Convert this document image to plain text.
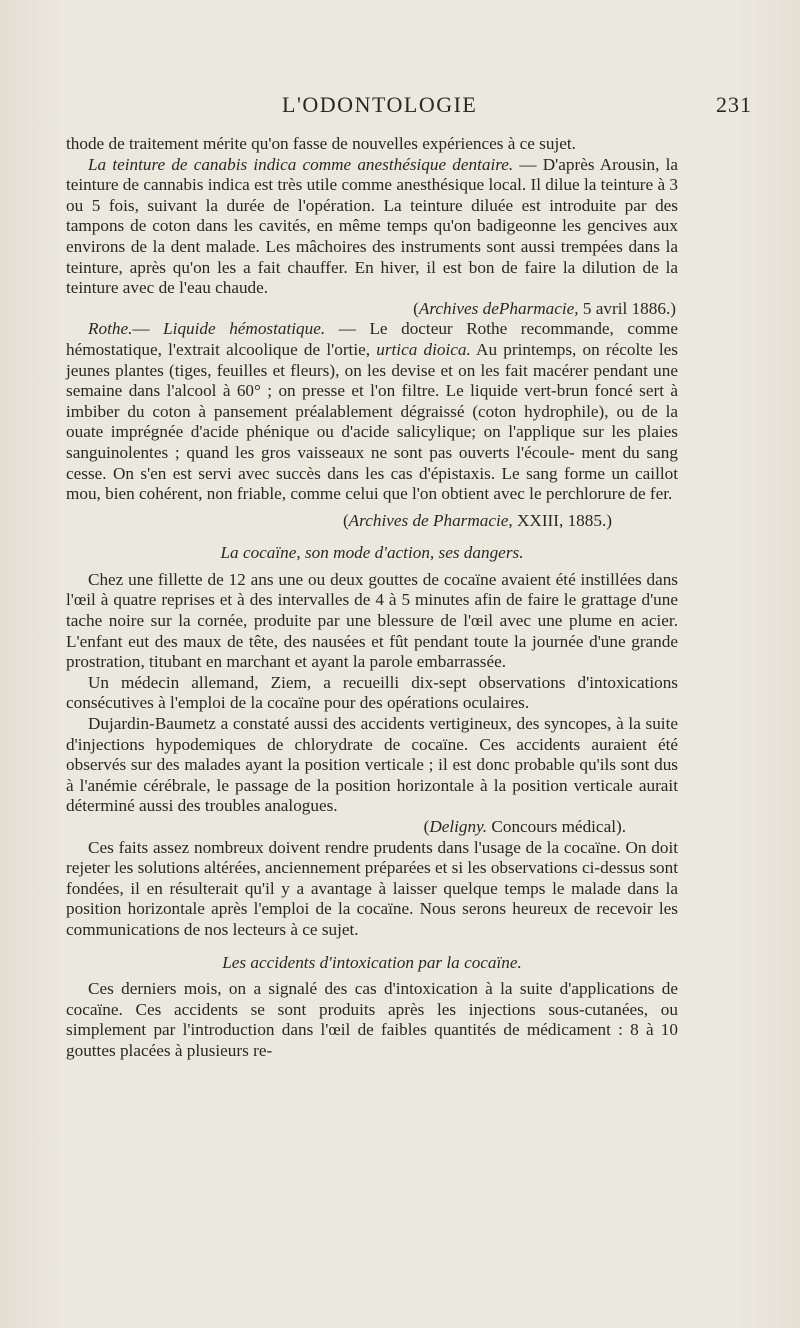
L'ODONTOLOGIE	231

thode de traitement mérite qu'on fasse de nouvelles expériences à ce sujet.

La teinture de canabis indica comme anesthésique dentaire. — D'après Arousin, la teinture de cannabis indica est très utile comme anesthésique local. Il dilue la teinture à 3 ou 5 fois, suivant la durée de l'opération. La teinture diluée est introduite par des tampons de coton dans les cavités, en même temps qu'on badigeonne les gencives aux environs de la dent malade. Les mâchoires des instruments sont aussi trempées dans la teinture, après qu'on les a fait chauffer. En hiver, il est bon de faire la dilution de la teinture avec de l'eau chaude.

(Archives dePharmacie, 5 avril 1886.)

Rothe.— Liquide hémostatique. — Le docteur Rothe recommande, comme hémostatique, l'extrait alcoolique de l'ortie, urtica dioica. Au printemps, on récolte les jeunes plantes (tiges, feuilles et fleurs), on les devise et on les fait macérer pendant une semaine dans l'alcool à 60° ; on presse et l'on filtre. Le liquide vert-brun foncé sert à imbiber du coton à pansement préalablement dégraissé (coton hydrophile), ou de la ouate imprégnée d'acide phénique ou d'acide salicylique; on l'applique sur les plaies sanguinolentes ; quand les gros vaisseaux ne sont pas ouverts l'écoule- ment du sang cesse. On s'en est servi avec succès dans les cas d'épistaxis. Le sang forme un caillot mou, bien cohérent, non friable, comme celui que l'on obtient avec le perchlorure de fer.

(Archives de Pharmacie, XXIII, 1885.)

La cocaïne, son mode d'action, ses dangers.

Chez une fillette de 12 ans une ou deux gouttes de cocaïne avaient été instillées dans l'œil à quatre reprises et à des intervalles de 4 à 5 minutes afin de faire le grattage d'une tache noire sur la cornée, produite par une blessure de l'œil avec une plume en acier. L'enfant eut des maux de tête, des nausées et fût pendant toute la journée d'une grande prostration, titubant en marchant et ayant la parole embarrassée.

Un médecin allemand, Ziem, a recueilli dix-sept observations d'intoxications consécutives à l'emploi de la cocaïne pour des opérations oculaires.

Dujardin-Baumetz a constaté aussi des accidents vertigineux, des syncopes, à la suite d'injections hypodemiques de chlorydrate de cocaïne. Ces accidents auraient été observés sur des malades ayant la position verticale ; il est donc probable qu'ils sont dus à l'anémie cérébrale, le passage de la position horizontale à la position verticale aurait déterminé aussi des troubles analogues.

(Deligny. Concours médical).

Ces faits assez nombreux doivent rendre prudents dans l'usage de la cocaïne. On doit rejeter les solutions altérées, anciennement préparées et si les observations ci-dessus sont fondées, il en résulterait qu'il y a avantage à laisser quelque temps le malade dans la position horizontale après l'emploi de la cocaïne. Nous serons heureux de recevoir les communications de nos lecteurs à ce sujet.

Les accidents d'intoxication par la cocaïne.

Ces derniers mois, on a signalé des cas d'intoxication à la suite d'applications de cocaïne. Ces accidents se sont produits après les injections sous-cutanées, ou simplement par l'introduction dans l'œil de faibles quantités de médicament : 8 à 10 gouttes placées à plusieurs re-
